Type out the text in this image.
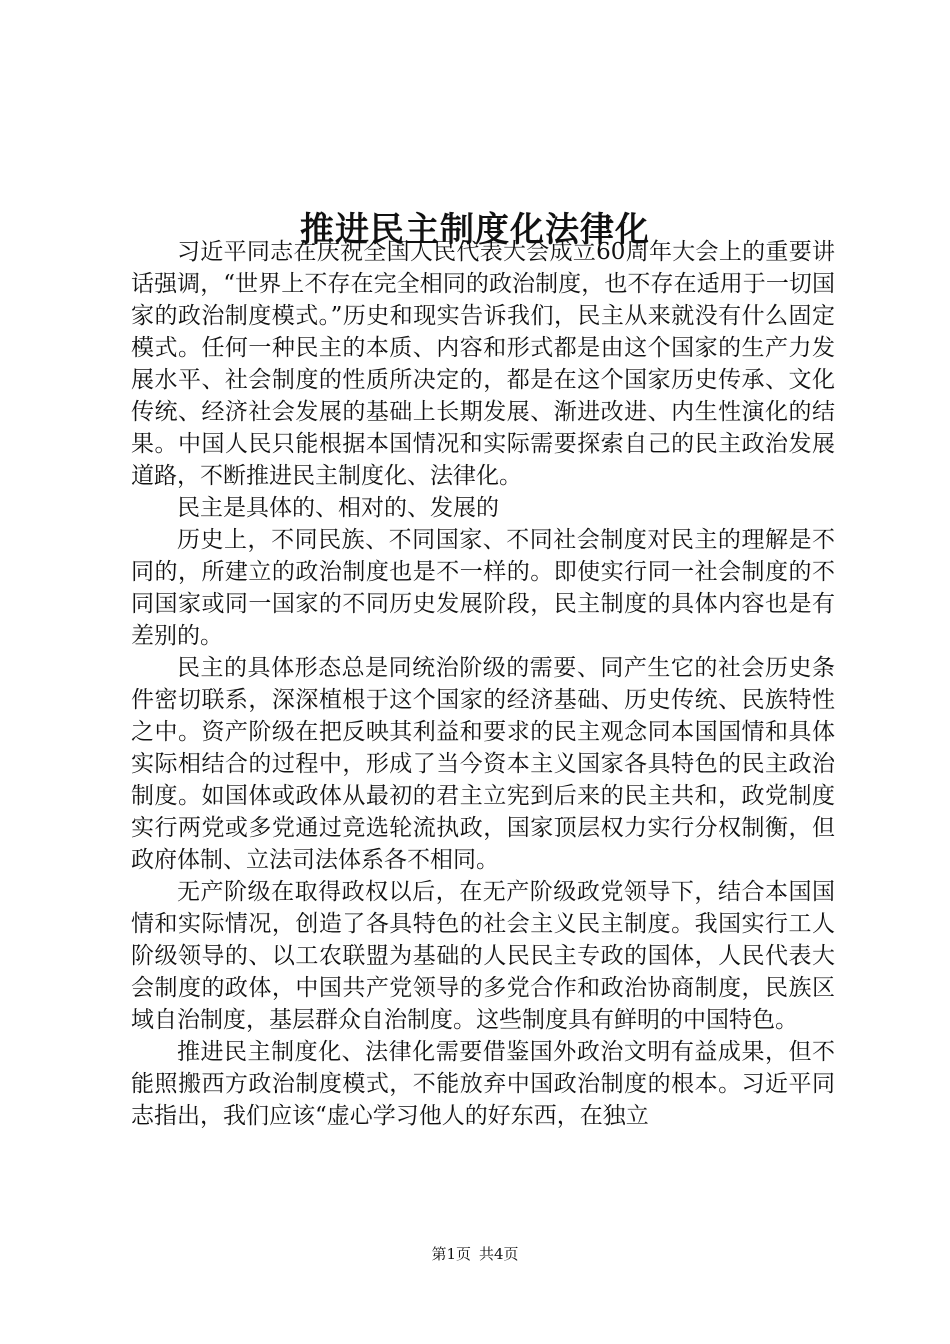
推进民主制度化法律化

习近平同志在庆祝全国人民代表大会成立60周年大会上的重要讲话强调，“世界上不存在完全相同的政治制度，也不存在适用于一切国家的政治制度模式。”历史和现实告诉我们，民主从来就没有什么固定模式。任何一种民主的本质、内容和形式都是由这个国家的生产力发展水平、社会制度的性质所决定的，都是在这个国家历史传承、文化传统、经济社会发展的基础上长期发展、渐进改进、内生性演化的结果。中国人民只能根据本国情况和实际需要探索自己的民主政治发展道路，不断推进民主制度化、法律化。

民主是具体的、相对的、发展的

历史上，不同民族、不同国家、不同社会制度对民主的理解是不同的，所建立的政治制度也是不一样的。即使实行同一社会制度的不同国家或同一国家的不同历史发展阶段，民主制度的具体内容也是有差别的。

民主的具体形态总是同统治阶级的需要、同产生它的社会历史条件密切联系，深深植根于这个国家的经济基础、历史传统、民族特性之中。资产阶级在把反映其利益和要求的民主观念同本国国情和具体实际相结合的过程中，形成了当今资本主义国家各具特色的民主政治制度。如国体或政体从最初的君主立宪到后来的民主共和，政党制度实行两党或多党通过竞选轮流执政，国家顶层权力实行分权制衡，但政府体制、立法司法体系各不相同。

无产阶级在取得政权以后，在无产阶级政党领导下，结合本国国情和实际情况，创造了各具特色的社会主义民主制度。我国实行工人阶级领导的、以工农联盟为基础的人民民主专政的国体，人民代表大会制度的政体，中国共产党领导的多党合作和政治协商制度，民族区域自治制度，基层群众自治制度。这些制度具有鲜明的中国特色。

推进民主制度化、法律化需要借鉴国外政治文明有益成果，但不能照搬西方政治制度模式，不能放弃中国政治制度的根本。习近平同志指出，我们应该“虚心学习他人的好东西，在独立

第1页 共4页
